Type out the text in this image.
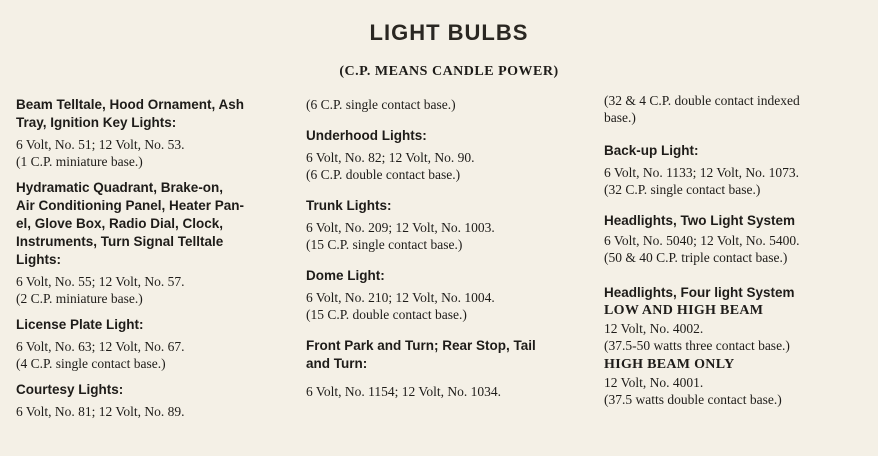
LIGHT BULBS
(C.P. MEANS CANDLE POWER)
Beam Telltale, Hood Ornament, Ash
Tray, Ignition Key Lights:
6 Volt, No. 51; 12 Volt, No. 53.
(1 C.P. miniature base.)
Hydramatic Quadrant, Brake-on,
Air Conditioning Panel, Heater Pan-
el, Glove Box, Radio Dial, Clock,
Instruments, Turn Signal Telltale
Lights:
6 Volt, No. 55; 12 Volt, No. 57.
(2 C.P. miniature base.)
License Plate Light:
6 Volt, No. 63; 12 Volt, No. 67.
(4 C.P. single contact base.)
Courtesy Lights:
6 Volt, No. 81; 12 Volt, No. 89.
(6 C.P. single contact base.)
Underhood Lights:
6 Volt, No. 82; 12 Volt, No. 90.
(6 C.P. double contact base.)
Trunk Lights:
6 Volt, No. 209; 12 Volt, No. 1003.
(15 C.P. single contact base.)
Dome Light:
6 Volt, No. 210; 12 Volt, No. 1004.
(15 C.P. double contact base.)
Front Park and Turn; Rear Stop, Tail
and Turn:
6 Volt, No. 1154; 12 Volt, No. 1034.
(32 & 4 C.P. double contact indexed
base.)
Back-up Light:
6 Volt, No. 1133; 12 Volt, No. 1073.
(32 C.P. single contact base.)
Headlights, Two Light System
6 Volt, No. 5040; 12 Volt, No. 5400.
(50 & 40 C.P. triple contact base.)
Headlights, Four light System
LOW AND HIGH BEAM
12 Volt, No. 4002.
(37.5-50 watts three contact base.)
HIGH BEAM ONLY
12 Volt, No. 4001.
(37.5 watts double contact base.)
